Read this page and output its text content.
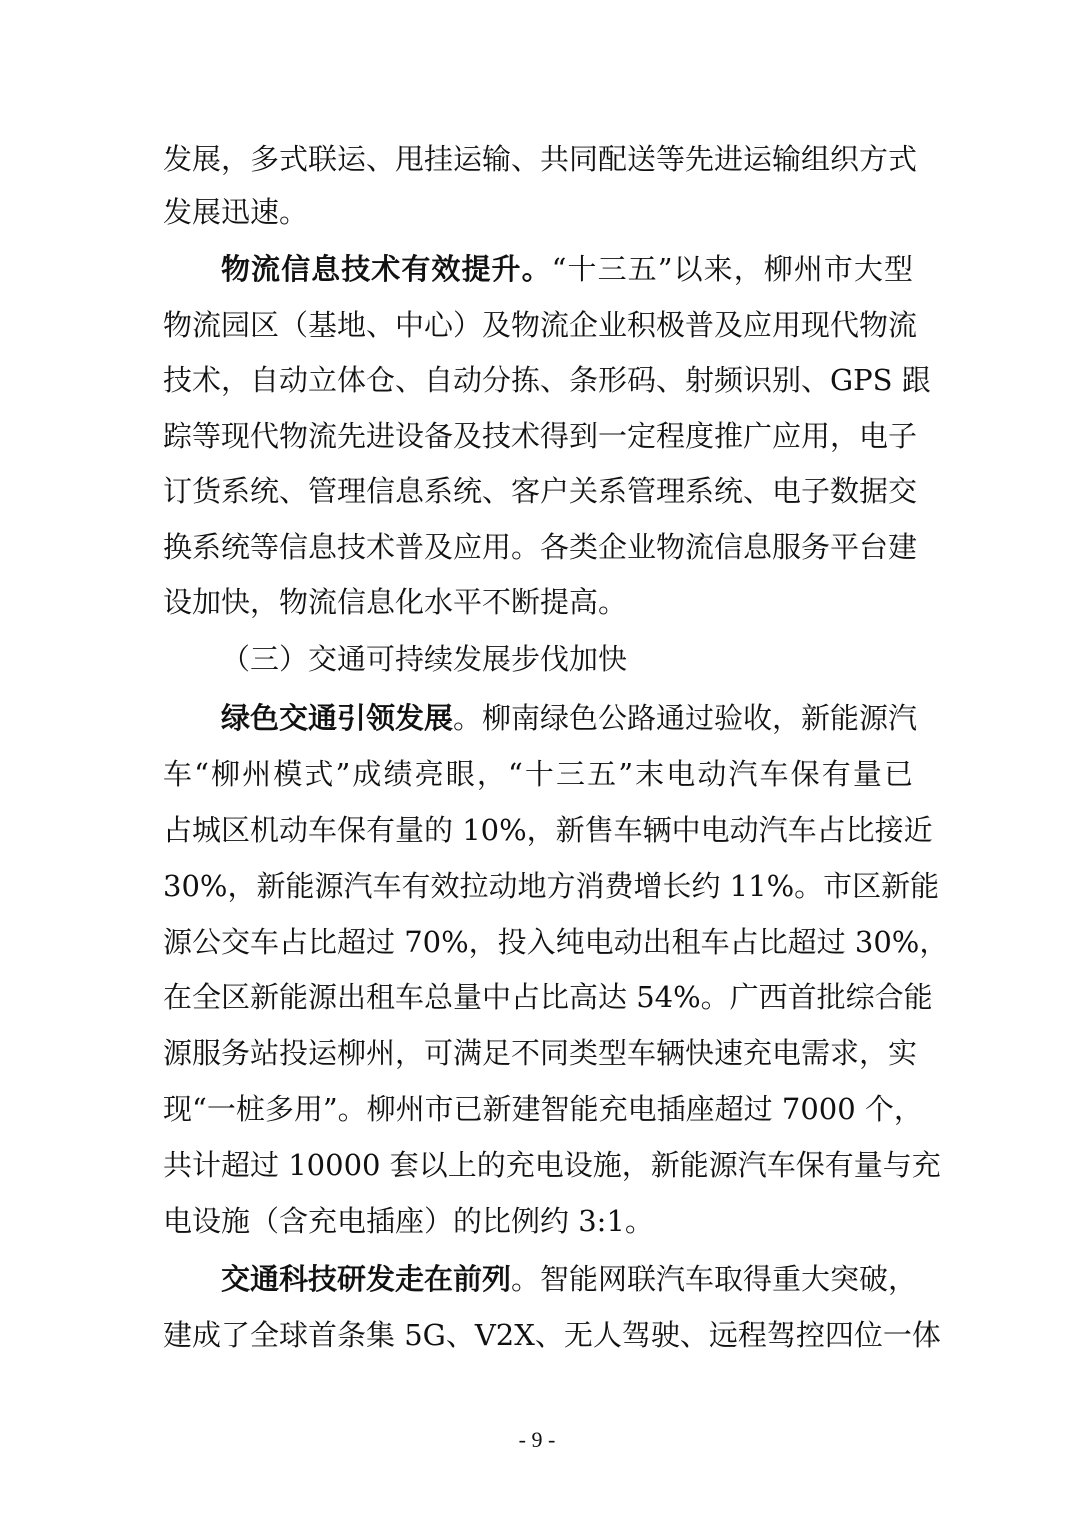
发展，多式联运、甩挂运输、共同配送等先进运输组织方式
发展迅速。
物流信息技术有效提升。“十三五”以来，柳州市大型
物流园区（基地、中心）及物流企业积极普及应用现代物流
技术，自动立体仓、自动分拣、条形码、射频识别、GPS 跟
踪等现代物流先进设备及技术得到一定程度推广应用，电子
订货系统、管理信息系统、客户关系管理系统、电子数据交
换系统等信息技术普及应用。各类企业物流信息服务平台建
设加快，物流信息化水平不断提高。
（三）交通可持续发展步伐加快
绿色交通引领发展。柳南绿色公路通过验收，新能源汽
车“柳州模式”成绩亮眼，“十三五”末电动汽车保有量已
占城区机动车保有量的 10%，新售车辆中电动汽车占比接近
30%，新能源汽车有效拉动地方消费增长约 11%。市区新能
源公交车占比超过 70%，投入纯电动出租车占比超过 30%，
在全区新能源出租车总量中占比高达 54%。广西首批综合能
源服务站投运柳州，可满足不同类型车辆快速充电需求，实
现“一桩多用”。柳州市已新建智能充电插座超过 7000 个，
共计超过 10000 套以上的充电设施，新能源汽车保有量与充
电设施（含充电插座）的比例约 3:1。
交通科技研发走在前列。智能网联汽车取得重大突破，
建成了全球首条集 5G、V2X、无人驾驶、远程驾控四位一体
- 9 -
